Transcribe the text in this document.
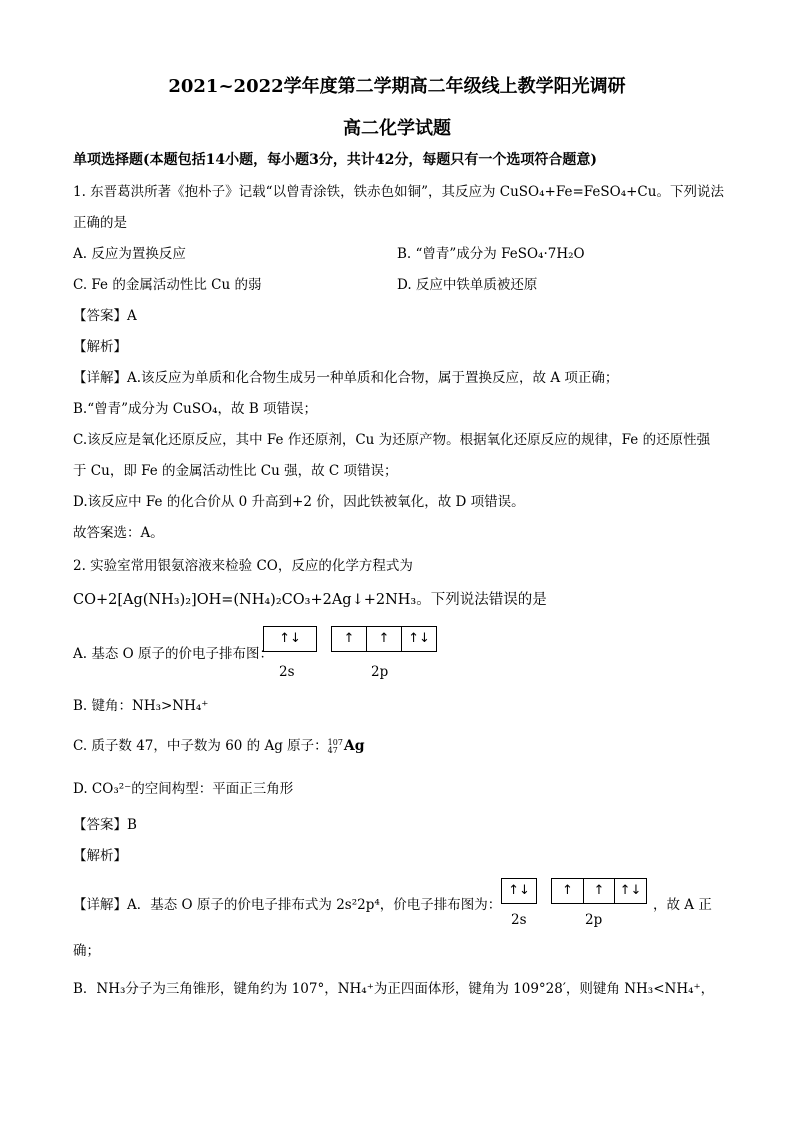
2021~2022学年度第二学期高二年级线上教学阳光调研
高二化学试题
单项选择题(本题包括14小题，每小题3分，共计42分，每题只有一个选项符合题意)
1. 东晋葛洪所著《抱朴子》记载“以曾青涂铁，铁赤色如铜”，其反应为 CuSO₄+Fe=FeSO₄+Cu。下列说法
正确的是
A. 反应为置换反应	B. “曾青”成分为 FeSO₄·7H₂O
C. Fe 的金属活动性比 Cu 的弱	D. 反应中铁单质被还原
【答案】A
【解析】
【详解】A.该反应为单质和化合物生成另一种单质和化合物，属于置换反应，故 A 项正确；
B.“曾青”成分为 CuSO₄，故 B 项错误；
C.该反应是氧化还原反应，其中 Fe 作还原剂，Cu 为还原产物。根据氧化还原反应的规律，Fe 的还原性强
于 Cu，即 Fe 的金属活动性比 Cu 强，故 C 项错误；
D.该反应中 Fe 的化合价从 0 升高到+2 价，因此铁被氧化，故 D 项错误。
故答案选：A。
2. 实验室常用银氨溶液来检验 CO，反应的化学方程式为
CO+2[Ag(NH₃)₂]OH=(NH₄)₂CO₃+2Ag↓+2NH₃。下列说法错误的是
A. 基态 O 原子的价电子排布图：
↑↓	↑ ↑ ↑↓
2s	2p
B. 键角：NH₃>NH₄⁺
C. 质子数 47，中子数为 60 的 Ag 原子： 107
47 Ag
D. CO₃²⁻的空间构型：平面正三角形
【答案】B
【解析】
【详解】A．基态 O 原子的价电子排布式为 2s²2p⁴，价电子排布图为：
↑↓	↑ ↑ ↑↓
2s	2p
，故 A 正
确；
B．NH₃分子为三角锥形，键角约为 107°，NH₄⁺为正四面体形，键角为 109°28′，则键角 NH₃<NH₄⁺，
